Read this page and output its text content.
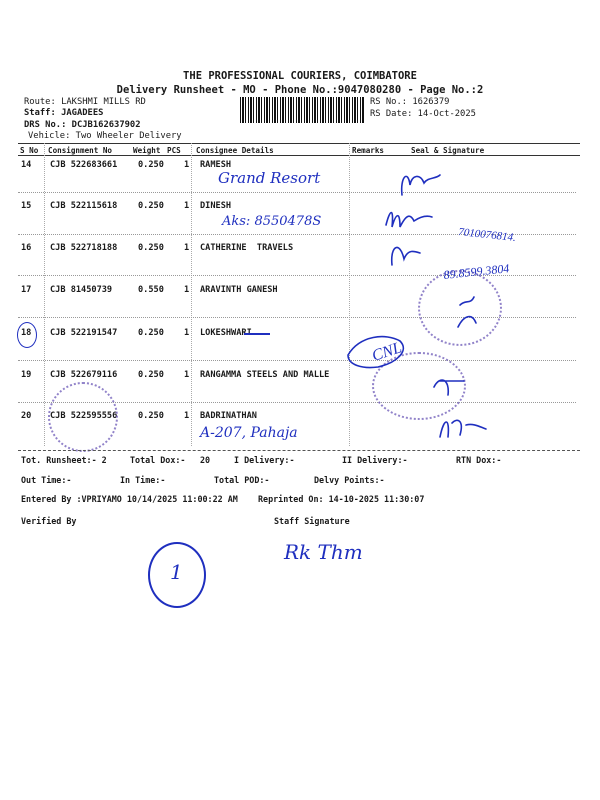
THE PROFESSIONAL COURIERS, COIMBATORE
Delivery Runsheet - MO - Phone No.:9047080280 - Page No.:2
Route: LAKSHMI MILLS RD
Staff: JAGADEES
DRS No.: DCJB162637902
Vehicle: Two Wheeler Delivery
RS No.: 1626379
RS Date: 14-Oct-2025
S No Consignment No	Weight PCS Consignee Details	Remarks	Seal & Signature
14 CJB 522683661 0.250 1 RAMESH
Grand Resort
15 CJB 522115618 0.250 1 DINESH
Aks: 8550478S
16 CJB 522718188 0.250 1 CATHERINE  TRAVELS
17 CJB 81450739	0.550 1 ARAVINTH GANESH
18 CJB 522191547 0.250 1 LOKESHWARI
19 CJB 522679116 0.250 1 RANGAMMA STEELS AND MALLE
20 CJB 522595556 0.250 1 BADRINATHAN
A-207, Pahaja
CNL
7010076814.
89.8599.3804
Tot. Runsheet:- 2	Total Dox:- 20	I Delivery:-	II Delivery:-	RTN Dox:-
Out Time:-	In Time:-	Total POD:-	Delvy Points:-
Entered By :VPRIYAMO 10/14/2025 11:00:22 AM Reprinted On: 14-10-2025 11:30:07
Verified By	Staff Signature
1
Rk Thm
